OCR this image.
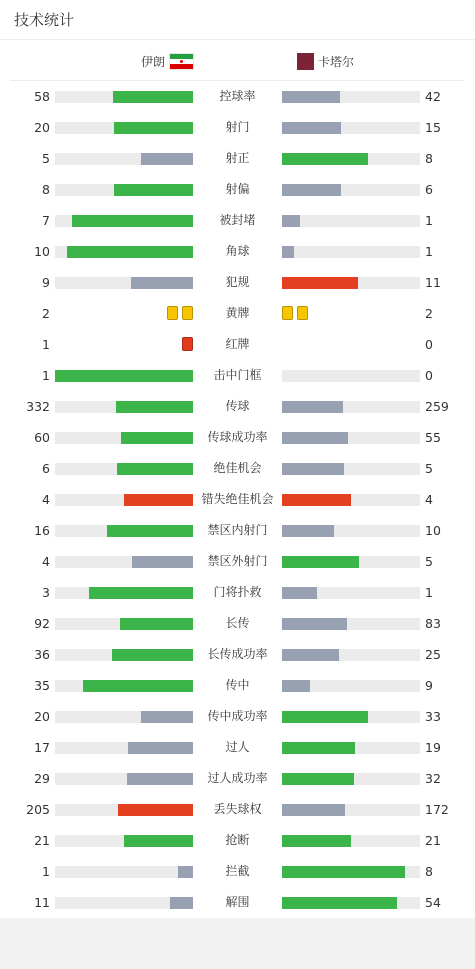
技术统计
伊朗	卡塔尔
58	控球率	42
20	射门	15
5	射正	8
8	射偏	6
7	被封堵	1
10	角球	1
9	犯规	11
2	黄牌	2
1	红牌	0
1	击中门框	0
332	传球	259
60	传球成功率	55
6	绝佳机会	5
4	错失绝佳机会	4
16	禁区内射门	10
4	禁区外射门	5
3	门将扑救	1
92	长传	83
36	长传成功率	25
35	传中	9
20	传中成功率	33
17	过人	19
29	过人成功率	32
205	丢失球权	172
21	抢断	21
1	拦截	8
11	解围	54
